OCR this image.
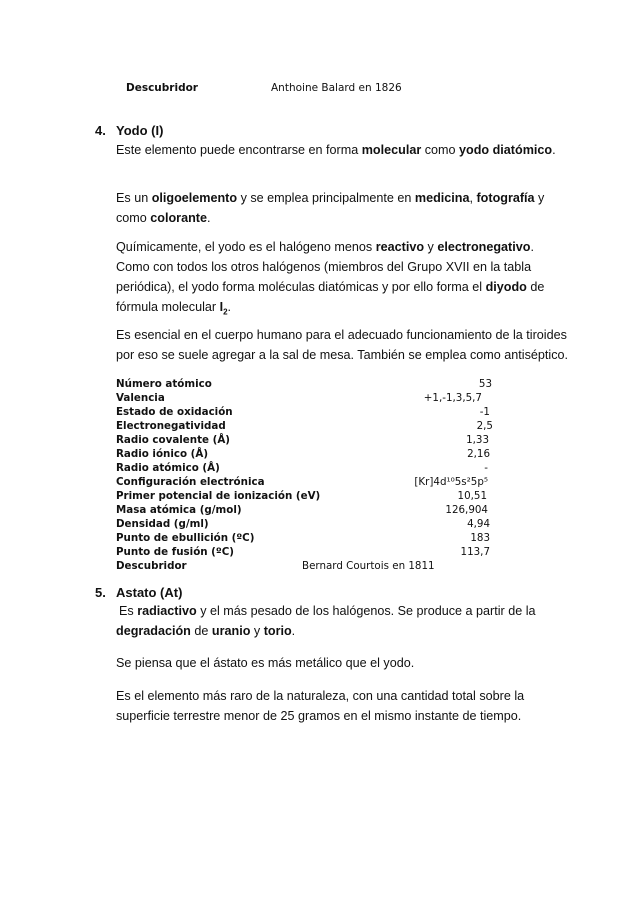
Descubridor	Anthoine Balard en 1826
4. Yodo (I)

Este elemento puede encontrarse en forma molecular como yodo diatómico.

Es un oligoelemento y se emplea principalmente en medicina, fotografía y como colorante.

Químicamente, el yodo es el halógeno menos reactivo y electronegativo. Como con todos los otros halógenos (miembros del Grupo XVII en la tabla periódica), el yodo forma moléculas diatómicas y por ello forma el diyodo de fórmula molecular $I_2$.

Es esencial en el cuerpo humano para el adecuado funcionamiento de la tiroides por eso se suele agregar a la sal de mesa. También se emplea como antiséptico.

Número atómico	53
Valencia	+1,-1,3,5,7
Estado de oxidación	-1
Electronegatividad	2,5
Radio covalente (Å)	1,33
Radio iónico (Å)	2,16
Radio atómico (Å)	-
Configuración electrónica	[Kr]4d¹⁰5s²5p⁵
Primer potencial de ionización (eV)	10,51
Masa atómica (g/mol)	126,904
Densidad (g/ml)	4,94
Punto de ebullición (ºC)	183
Punto de fusión (ºC)	113,7
Descubridor	Bernard Courtois en 1811
5. Astato (At)

Es radiactivo y el más pesado de los halógenos. Se produce a partir de la

degradación de uranio y torio.

Se piensa que el ástato es más metálico que el yodo.

Es el elemento más raro de la naturaleza, con una cantidad total sobre la superficie terrestre menor de 25 gramos en el mismo instante de tiempo.
